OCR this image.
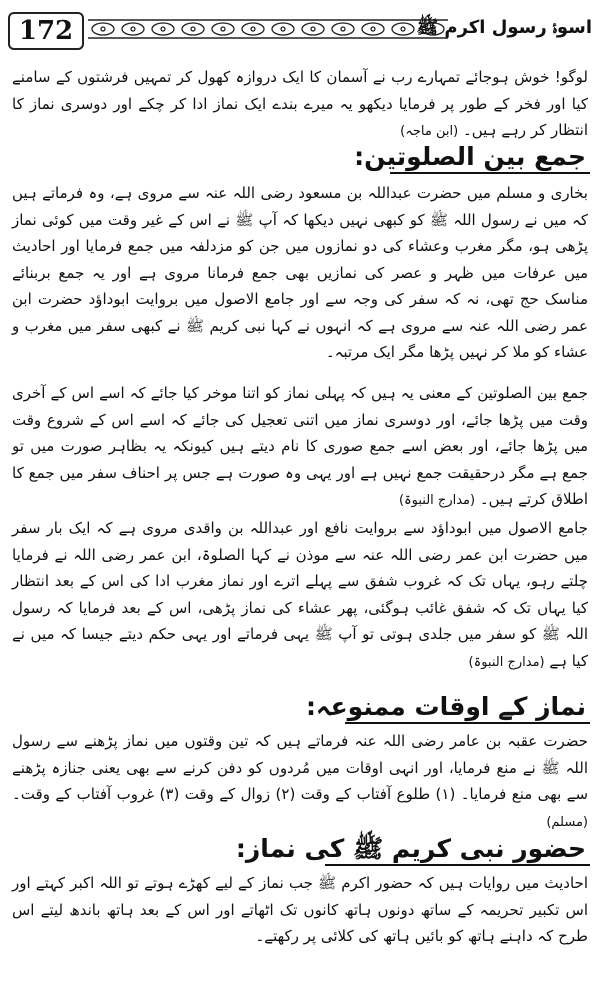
172	اسوۂ رسول اکرم ﷺ

لوگو! خوش ہوجائے تمہارے رب نے آسمان کا ایک دروازہ کھول کر تمہیں فرشتوں کے سامنے کیا اور فخر کے طور پر فرمایا دیکھو یہ میرے بندے ایک نماز ادا کر چکے اور دوسری نماز کا انتظار کر رہے ہیں۔ (ابن ماجہ)

جمع بین الصلوتین:

بخاری و مسلم میں حضرت عبداللہ بن مسعود رضی اللہ عنہ سے مروی ہے، وہ فرماتے ہیں کہ میں نے رسول اللہ ﷺ کو کبھی نہیں دیکھا کہ آپ ﷺ نے اس کے غیر وقت میں کوئی نماز پڑھی ہو، مگر مغرب وعشاء کی دو نمازوں میں جن کو مزدلفہ میں جمع فرمایا اور احادیث میں عرفات میں ظہر و عصر کی نمازیں بھی جمع فرمانا مروی ہے اور یہ جمع بربنائے مناسک حج تھی، نہ کہ سفر کی وجہ سے اور جامع الاصول میں بروایت ابوداؤد حضرت ابن عمر رضی اللہ عنہ سے مروی ہے کہ انہوں نے کہا نبی کریم ﷺ نے کبھی سفر میں مغرب و عشاء کو ملا کر نہیں پڑھا مگر ایک مرتبہ۔

جمع بین الصلوتین کے معنی یہ ہیں کہ پہلی نماز کو اتنا موخر کیا جائے کہ اسے اس کے آخری وقت میں پڑھا جائے، اور دوسری نماز میں اتنی تعجیل کی جائے کہ اسے اس کے شروع وقت میں پڑھا جائے، اور بعض اسے جمع صوری کا نام دیتے ہیں کیونکہ یہ بظاہر صورت میں تو جمع ہے مگر درحقیقت جمع نہیں ہے اور یہی وہ صورت ہے جس پر احناف سفر میں جمع کا اطلاق کرتے ہیں۔ (مدارج النبوۃ)

جامع الاصول میں ابوداؤد سے بروایت نافع اور عبداللہ بن واقدی مروی ہے کہ ایک بار سفر میں حضرت ابن عمر رضی اللہ عنہ سے موذن نے کہا الصلوۃ، ابن عمر رضی اللہ نے فرمایا چلتے رہو، یہاں تک کہ غروب شفق سے پہلے اترے اور نماز مغرب ادا کی اس کے بعد انتظار کیا یہاں تک کہ شفق غائب ہوگئی، پھر عشاء کی نماز پڑھی، اس کے بعد فرمایا کہ رسول اللہ ﷺ کو سفر میں جلدی ہوتی تو آپ ﷺ یہی فرماتے اور یہی حکم دیتے جیسا کہ میں نے کیا ہے (مدارج النبوۃ)

نماز کے اوقات ممنوعہ:

حضرت عقبہ بن عامر رضی اللہ عنہ فرماتے ہیں کہ تین وقتوں میں نماز پڑھنے سے رسول اللہ ﷺ نے منع فرمایا، اور انہی اوقات میں مُردوں کو دفن کرنے سے بھی یعنی جنازہ پڑھنے سے بھی منع فرمایا۔ (۱) طلوع آفتاب کے وقت (۲) زوال کے وقت (۳) غروب آفتاب کے وقت۔ (مسلم)

حضور نبی کریم ﷺ کی نماز:

احادیث میں روایات ہیں کہ حضور اکرم ﷺ جب نماز کے لیے کھڑے ہوتے تو اللہ اکبر کہتے اور اس تکبیر تحریمہ کے ساتھ دونوں ہاتھ کانوں تک اٹھاتے اور اس کے بعد ہاتھ باندھ لیتے اس طرح کہ داہنے ہاتھ کو بائیں ہاتھ کی کلائی پر رکھتے۔
